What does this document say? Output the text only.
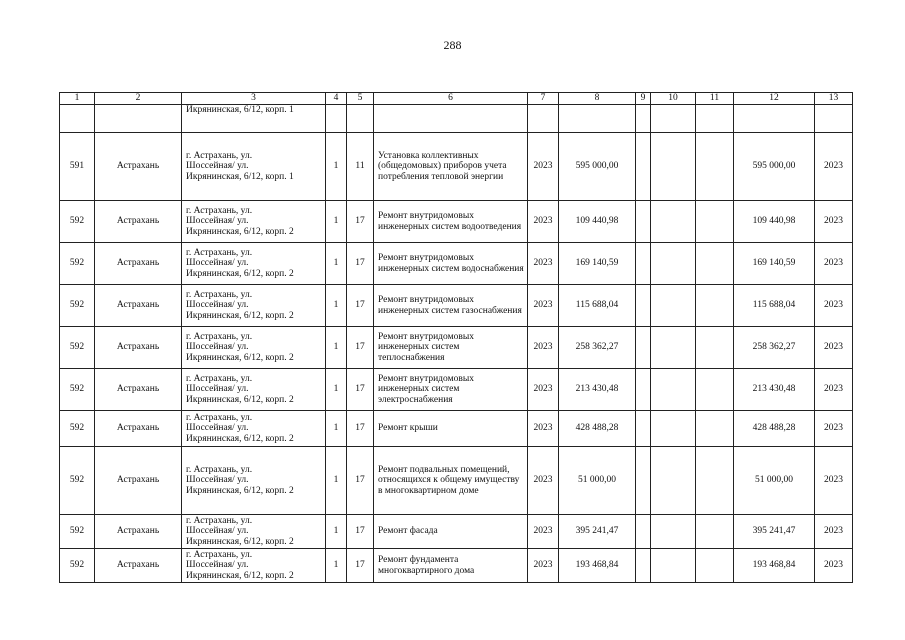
288
1	2	3	4	5	6	7	8	9	10	11	12	13
		Икрянинская, 6/12, корп. 1										
591	Астрахань	г. Астрахань, ул.
Шоссейная/ ул.
Икрянинская, 6/12, корп. 1	1	11	Установка коллективных (общедомовых) приборов учета потребления тепловой энергии	2023	595 000,00				595 000,00	2023
592	Астрахань	г. Астрахань, ул.
Шоссейная/ ул.
Икрянинская, 6/12, корп. 2	1	17	Ремонт внутридомовых инженерных систем водоотведения	2023	109 440,98				109 440,98	2023
592	Астрахань	г. Астрахань, ул.
Шоссейная/ ул.
Икрянинская, 6/12, корп. 2	1	17	Ремонт внутридомовых инженерных систем водоснабжения	2023	169 140,59				169 140,59	2023
592	Астрахань	г. Астрахань, ул.
Шоссейная/ ул.
Икрянинская, 6/12, корп. 2	1	17	Ремонт внутридомовых инженерных систем газоснабжения	2023	115 688,04				115 688,04	2023
592	Астрахань	г. Астрахань, ул.
Шоссейная/ ул.
Икрянинская, 6/12, корп. 2	1	17	Ремонт внутридомовых инженерных систем теплоснабжения	2023	258 362,27				258 362,27	2023
592	Астрахань	г. Астрахань, ул.
Шоссейная/ ул.
Икрянинская, 6/12, корп. 2	1	17	Ремонт внутридомовых инженерных систем электроснабжения	2023	213 430,48				213 430,48	2023
592	Астрахань	г. Астрахань, ул.
Шоссейная/ ул.
Икрянинская, 6/12, корп. 2	1	17	Ремонт крыши	2023	428 488,28				428 488,28	2023
592	Астрахань	г. Астрахань, ул.
Шоссейная/ ул.
Икрянинская, 6/12, корп. 2	1	17	Ремонт подвальных помещений, относящихся к общему имуществу в многоквартирном доме	2023	51 000,00				51 000,00	2023
592	Астрахань	г. Астрахань, ул.
Шоссейная/ ул.
Икрянинская, 6/12, корп. 2	1	17	Ремонт фасада	2023	395 241,47				395 241,47	2023
592	Астрахань	г. Астрахань, ул.
Шоссейная/ ул.
Икрянинская, 6/12, корп. 2	1	17	Ремонт фундамента многоквартирного дома	2023	193 468,84				193 468,84	2023
